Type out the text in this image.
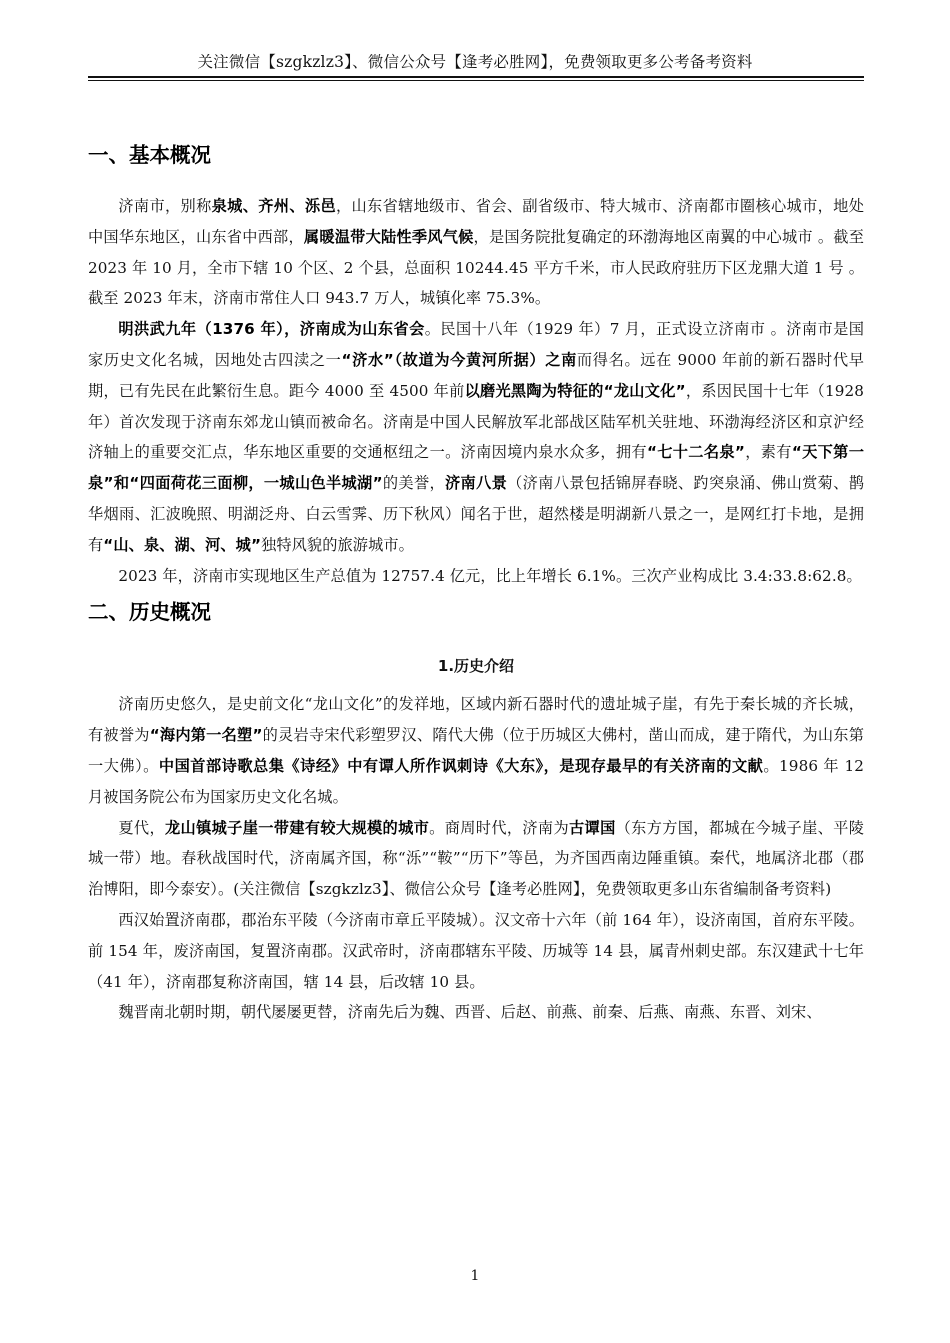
关注微信【szgkzlz3】、微信公众号【逢考必胜网】，免费领取更多公考备考资料
一、基本概况

济南市，别称泉城、齐州、泺邑，山东省辖地级市、省会、副省级市、特大城市、济南都市圈核心城市，地处中国华东地区，山东省中西部，属暖温带大陆性季风气候，是国务院批复确定的环渤海地区南翼的中心城市 。截至 2023 年 10 月，全市下辖 10 个区、2 个县，总面积 10244.45 平方千米，市人民政府驻历下区龙鼎大道 1 号 。截至 2023 年末，济南市常住人口 943.7 万人，城镇化率 75.3%。

明洪武九年（1376 年），济南成为山东省会。民国十八年（1929 年）7 月，正式设立济南市 。济南市是国家历史文化名城，因地处古四渎之一“济水”（故道为今黄河所据）之南而得名。远在 9000 年前的新石器时代早期，已有先民在此繁衍生息。距今 4000 至 4500 年前以磨光黑陶为特征的“龙山文化”，系因民国十七年（1928 年）首次发现于济南东郊龙山镇而被命名。济南是中国人民解放军北部战区陆军机关驻地、环渤海经济区和京沪经济轴上的重要交汇点，华东地区重要的交通枢纽之一。济南因境内泉水众多，拥有“七十二名泉”，素有“天下第一泉”和“四面荷花三面柳，一城山色半城湖”的美誉，济南八景（济南八景包括锦屏春晓、趵突泉涌、佛山赏菊、鹊华烟雨、汇波晚照、明湖泛舟、白云雪霁、历下秋风）闻名于世，超然楼是明湖新八景之一，是网红打卡地，是拥有“山、泉、湖、河、城”独特风貌的旅游城市。

2023 年，济南市实现地区生产总值为 12757.4 亿元，比上年增长 6.1%。三次产业构成比 3.4:33.8:62.8。

二、历史概况
1.历史介绍

济南历史悠久，是史前文化“龙山文化”的发祥地，区域内新石器时代的遗址城子崖，有先于秦长城的齐长城，有被誉为“海内第一名塑”的灵岩寺宋代彩塑罗汉、隋代大佛（位于历城区大佛村，凿山而成，建于隋代，为山东第一大佛）。中国首部诗歌总集《诗经》中有谭人所作讽刺诗《大东》，是现存最早的有关济南的文献。1986 年 12 月被国务院公布为国家历史文化名城。

夏代，龙山镇城子崖一带建有较大规模的城市。商周时代，济南为古谭国（东方方国，都城在今城子崖、平陵城一带）地。春秋战国时代，济南属齐国，称“泺”“鞍”“历下”等邑，为齐国西南边陲重镇。秦代，地属济北郡（郡治博阳，即今泰安）。(关注微信【szgkzlz3】、微信公众号【逢考必胜网】，免费领取更多山东省编制备考资料)

西汉始置济南郡，郡治东平陵（今济南市章丘平陵城）。汉文帝十六年（前 164 年），设济南国，首府东平陵。前 154 年，废济南国，复置济南郡。汉武帝时，济南郡辖东平陵、历城等 14 县，属青州刺史部。东汉建武十七年（41 年），济南郡复称济南国，辖 14 县，后改辖 10 县。

魏晋南北朝时期，朝代屡屡更替，济南先后为魏、西晋、后赵、前燕、前秦、后燕、南燕、东晋、刘宋、

1
